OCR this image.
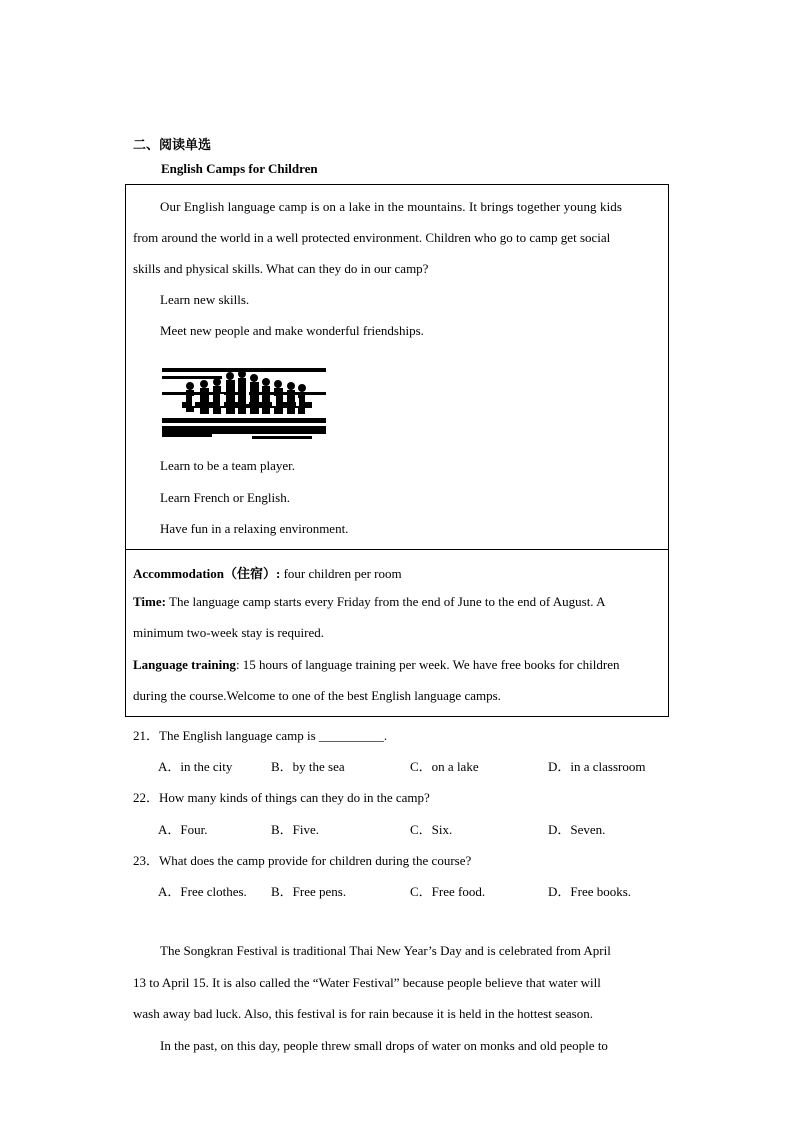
二、阅读单选
English Camps for Children
Our English language camp is on a lake in the mountains. It brings together young kids
from around the world in a well protected environment. Children who go to camp get social
skills and physical skills. What can they do in our camp?
Learn new skills.
Meet new people and make wonderful friendships.
Learn to be a team player.
Learn French or English.
Have fun in a relaxing environment.
Accommodation（住宿）: four children per room
Time: The language camp starts every Friday from the end of June to the end of August. A
minimum two-week stay is required.
Language training: 15 hours of language training per week. We have free books for children
during the course.Welcome to one of the best English language camps.
21．The English language camp is __________.
A．in the city	B．by the sea	C．on a lake	D．in a classroom
22．How many kinds of things can they do in the camp?
A．Four.	B．Five.	C．Six.	D．Seven.
23．What does the camp provide for children during the course?
A．Free clothes. B．Free pens.	C．Free food.	D．Free books.
The Songkran Festival is traditional Thai New Year’s Day and is celebrated from April
13 to April 15. It is also called the “Water Festival” because people believe that water will
wash away bad luck. Also, this festival is for rain because it is held in the hottest season.
In the past, on this day, people threw small drops of water on monks and old people to
